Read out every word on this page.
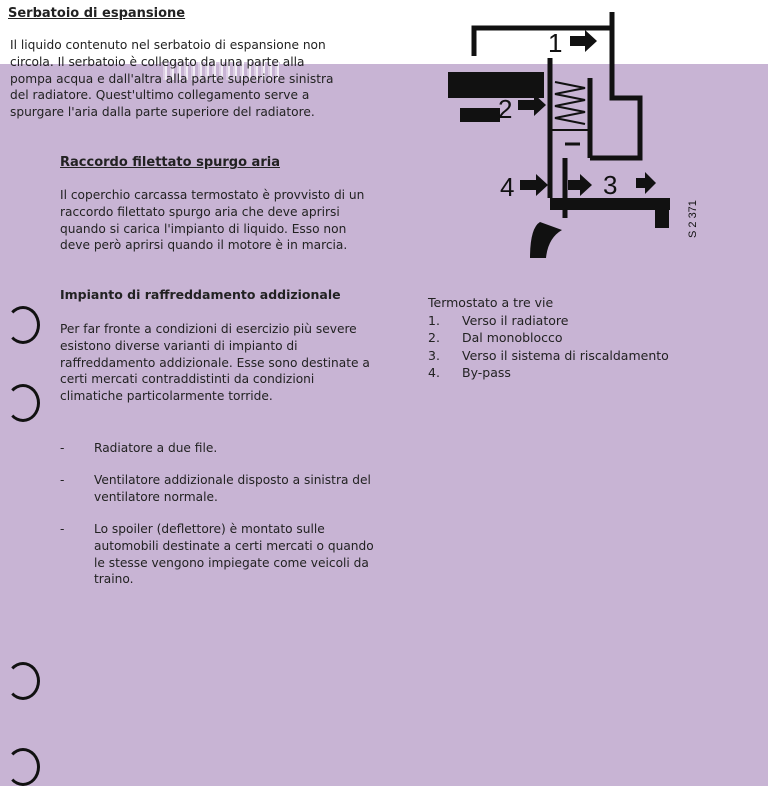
Serbatoio di espansione

Il liquido contenuto nel serbatoio di espansione non circola. Il serbatoio è collegato da una parte alla pompa acqua e dall'altra alla parte superiore sinistra del radiatore. Quest'ultimo collegamento serve a spurgare l'aria dalla parte superiore del radiatore.

Raccordo filettato spurgo aria

Il coperchio carcassa termostato è provvisto di un raccordo filettato spurgo aria che deve aprirsi quando si carica l'impianto di liquido. Esso non deve però aprirsi quando il motore è in marcia.

Impianto di raffreddamento addizionale

Per far fronte a condizioni di esercizio più severe esistono diverse varianti di impianto di raffreddamento addizionale. Esse sono destinate a certi mercati contraddistinti da condizioni climatiche particolarmente torride.

- Radiatore a due file.
- Ventilatore addizionale disposto a sinistra del ventilatore normale.
- Lo spoiler (deflettore) è montato sulle automobili destinate a certi mercati o quando le stesse vengono impiegate come veicoli da traino.
1
2
4	3
S 2 371
Termostato a tre vie
1.	Verso il radiatore
2.	Dal monoblocco
3.	Verso il sistema di riscaldamento
4.	By-pass
